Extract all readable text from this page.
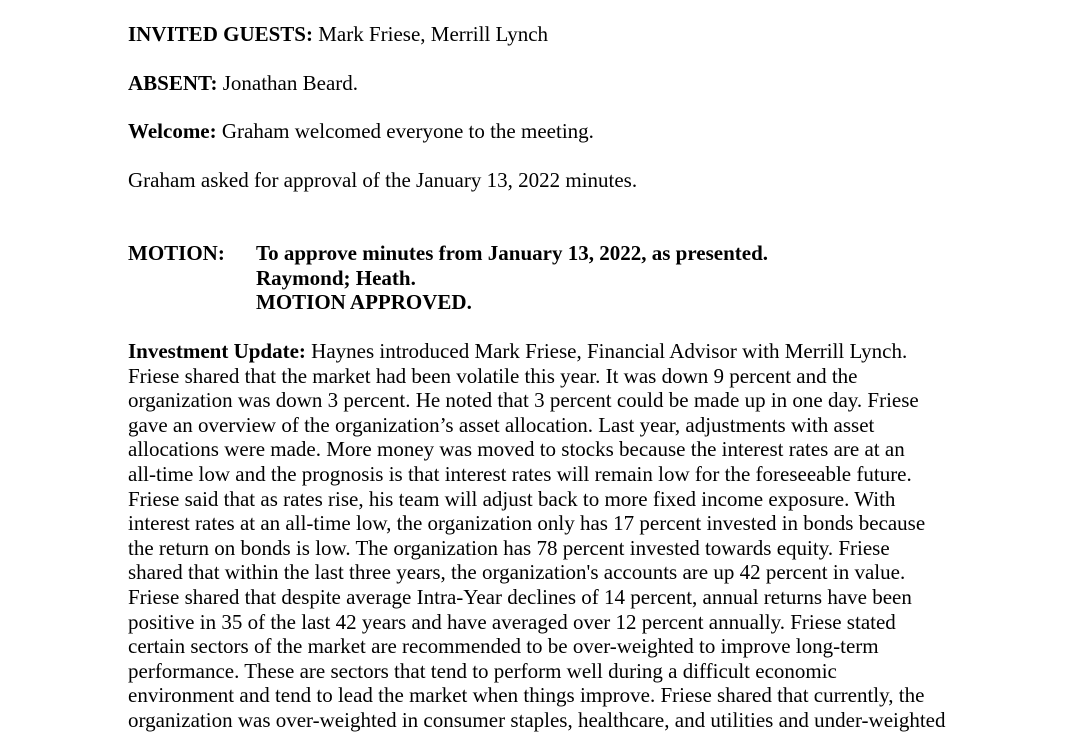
INVITED GUESTS: Mark Friese, Merrill Lynch

ABSENT: Jonathan Beard.

Welcome: Graham welcomed everyone to the meeting.

Graham asked for approval of the January 13, 2022 minutes.

MOTION: To approve minutes from January 13, 2022, as presented.
Raymond; Heath.
MOTION APPROVED.
Investment Update: Haynes introduced Mark Friese, Financial Advisor with Merrill Lynch.
Friese shared that the market had been volatile this year. It was down 9 percent and the
organization was down 3 percent. He noted that 3 percent could be made up in one day. Friese
gave an overview of the organization’s asset allocation. Last year, adjustments with asset
allocations were made. More money was moved to stocks because the interest rates are at an
all-time low and the prognosis is that interest rates will remain low for the foreseeable future.
Friese said that as rates rise, his team will adjust back to more fixed income exposure. With
interest rates at an all-time low, the organization only has 17 percent invested in bonds because
the return on bonds is low. The organization has 78 percent invested towards equity. Friese
shared that within the last three years, the organization's accounts are up 42 percent in value.
Friese shared that despite average Intra-Year declines of 14 percent, annual returns have been
positive in 35 of the last 42 years and have averaged over 12 percent annually. Friese stated
certain sectors of the market are recommended to be over-weighted to improve long-term
performance. These are sectors that tend to perform well during a difficult economic
environment and tend to lead the market when things improve. Friese shared that currently, the
organization was over-weighted in consumer staples, healthcare, and utilities and under-weighted
